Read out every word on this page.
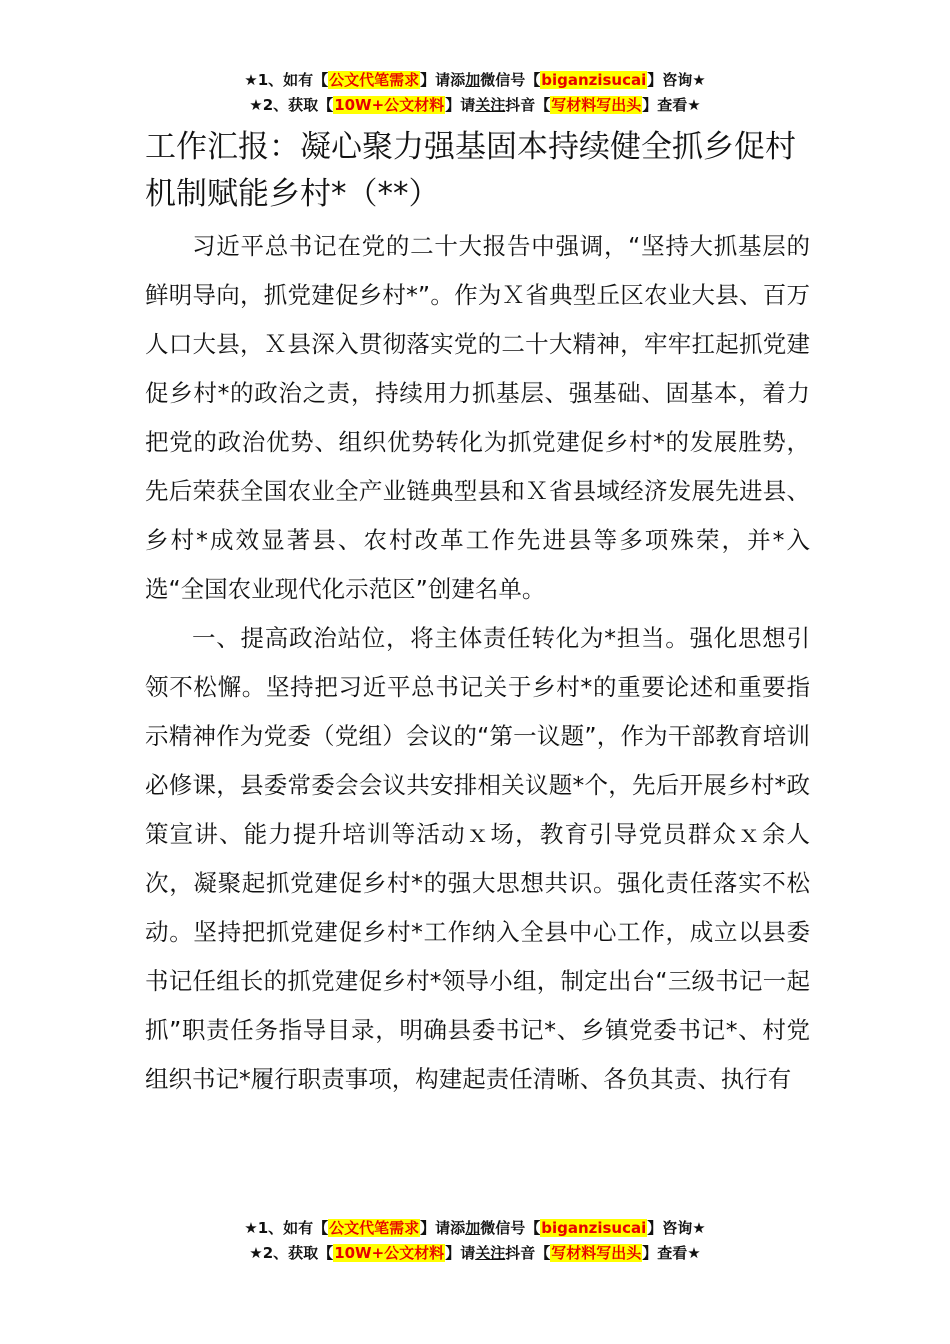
★1、如有【公文代笔需求】请添加微信号【biganzisucai】咨询★
★2、获取【10W+公文材料】请关注抖音【写材料写出头】查看★
工作汇报：凝心聚力强基固本持续健全抓乡促村机制赋能乡村*（**）

习近平总书记在党的二十大报告中强调，“坚持大抓基层的鲜明导向，抓党建促乡村*”。作为Ｘ省典型丘区农业大县、百万人口大县，Ｘ县深入贯彻落实党的二十大精神，牢牢扛起抓党建促乡村*的政治之责，持续用力抓基层、强基础、固基本，着力把党的政治优势、组织优势转化为抓党建促乡村*的发展胜势，先后荣获全国农业全产业链典型县和Ｘ省县域经济发展先进县、乡村*成效显著县、农村改革工作先进县等多项殊荣，并*入选“全国农业现代化示范区”创建名单。

一、提高政治站位，将主体责任转化为*担当。强化思想引领不松懈。坚持把习近平总书记关于乡村*的重要论述和重要指示精神作为党委（党组）会议的“第一议题”，作为干部教育培训必修课，县委常委会会议共安排相关议题*个，先后开展乡村*政策宣讲、能力提升培训等活动ｘ场，教育引导党员群众ｘ余人次，凝聚起抓党建促乡村*的强大思想共识。强化责任落实不松动。坚持把抓党建促乡村*工作纳入全县中心工作，成立以县委书记任组长的抓党建促乡村*领导小组，制定出台“三级书记一起抓”职责任务指导目录，明确县委书记*、乡镇党委书记*、村党组织书记*履行职责事项，构建起责任清晰、各负其责、执行有

★1、如有【公文代笔需求】请添加微信号【biganzisucai】咨询★
★2、获取【10W+公文材料】请关注抖音【写材料写出头】查看★
